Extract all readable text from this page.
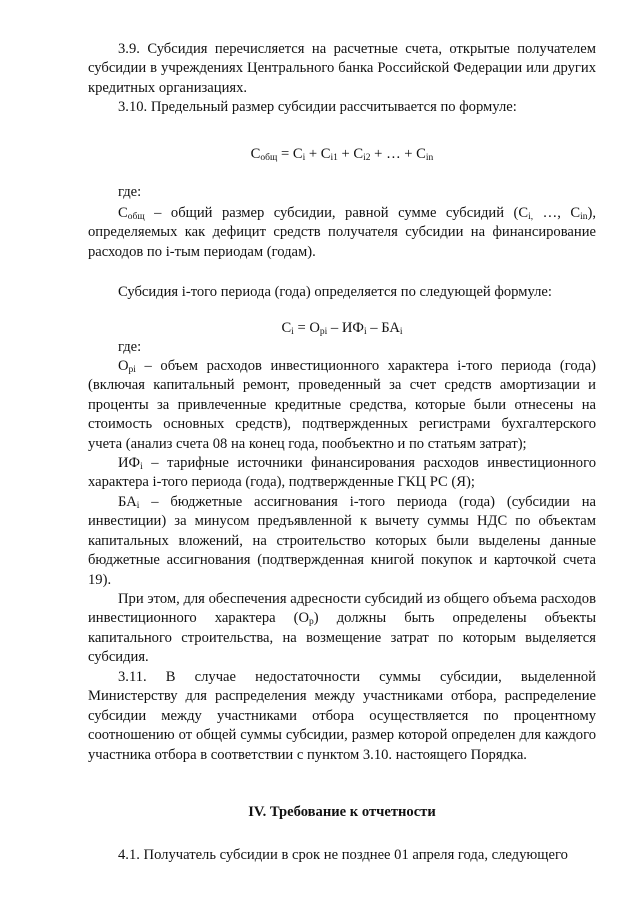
3.9. Субсидия перечисляется на расчетные счета, открытые получателем субсидии в учреждениях Центрального банка Российской Федерации или других кредитных организациях.

3.10. Предельный размер субсидии рассчитывается по формуле:

$C_{общ} = C_i + C_{i1} + C_{i2}$ + … + $C_{in}$

где:

$C_{общ}$ – общий размер субсидии, равной сумме субсидий ($C_{i,}$ …, $C_{in}$), определяемых как дефицит средств получателя субсидии на финансирование расходов по i-тым периодам (годам).

Субсидия i-того периода (года) определяется по следующей формуле:

$C_i = O_{pi} - ИФ_i - БА_i$

где:

$O_{pi}$ – объем расходов инвестиционного характера i-того периода (года) (включая капитальный ремонт, проведенный за счет средств амортизации и проценты за привлеченные кредитные средства, которые были отнесены на стоимость основных средств), подтвержденных регистрами бухгалтерского учета (анализ счета 08 на конец года, пообъектно и по статьям затрат);

$ИФ_i$ – тарифные источники финансирования расходов инвестиционного характера i-того периода (года), подтвержденные ГКЦ РС (Я);

$БА_i$ – бюджетные ассигнования i-того периода (года) (субсидии на инвестиции) за минусом предъявленной к вычету суммы НДС по объектам капитальных вложений, на строительство которых были выделены данные бюджетные ассигнования (подтвержденная книгой покупок и карточкой счета 19).

При этом, для обеспечения адресности субсидий из общего объема расходов инвестиционного характера $(О_р)$ должны быть определены объекты капитального строительства, на возмещение затрат по которым выделяется субсидия.

3.11. В случае недостаточности суммы субсидии, выделенной Министерству для распределения между участниками отбора, распределение субсидии между участниками отбора осуществляется по процентному соотношению от общей суммы субсидии, размер которой определен для каждого участника отбора в соответствии с пунктом 3.10. настоящего Порядка.

IV. Требование к отчетности

4.1. Получатель субсидии в срок не позднее 01 апреля года, следующего
